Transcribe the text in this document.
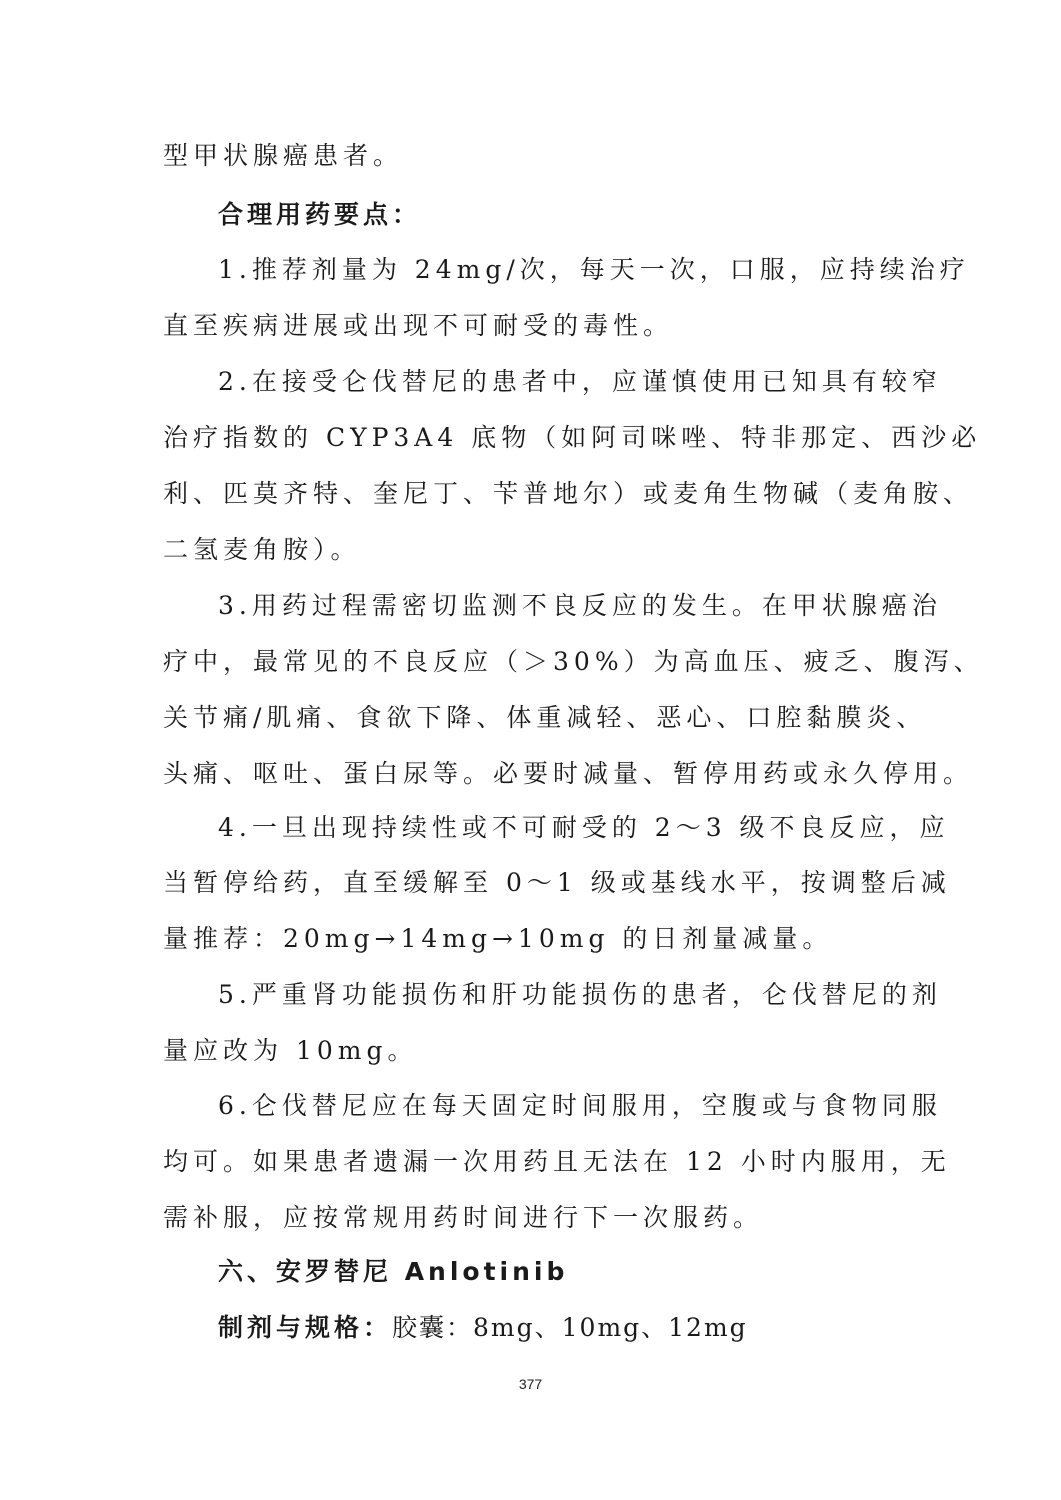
型甲状腺癌患者。
合理用药要点：
1.推荐剂量为 24mg/次，每天一次，口服，应持续治疗
直至疾病进展或出现不可耐受的毒性。
2.在接受仑伐替尼的患者中，应谨慎使用已知具有较窄
治疗指数的 CYP3A4 底物（如阿司咪唑、特非那定、西沙必
利、匹莫齐特、奎尼丁、苄普地尔）或麦角生物碱（麦角胺、
二氢麦角胺）。
3.用药过程需密切监测不良反应的发生。在甲状腺癌治
疗中，最常见的不良反应（＞30%）为高血压、疲乏、腹泻、
关节痛/肌痛、食欲下降、体重减轻、恶心、口腔黏膜炎、
头痛、呕吐、蛋白尿等。必要时减量、暂停用药或永久停用。
4.一旦出现持续性或不可耐受的 2～3 级不良反应，应
当暂停给药，直至缓解至 0～1 级或基线水平，按调整后减
量推荐：20mg→14mg→10mg 的日剂量减量。
5.严重肾功能损伤和肝功能损伤的患者，仑伐替尼的剂
量应改为 10mg。
6.仑伐替尼应在每天固定时间服用，空腹或与食物同服
均可。如果患者遗漏一次用药且无法在 12 小时内服用，无
需补服，应按常规用药时间进行下一次服药。
六、安罗替尼 Anlotinib
制剂与规格：胶囊：8mg、10mg、12mg
377
